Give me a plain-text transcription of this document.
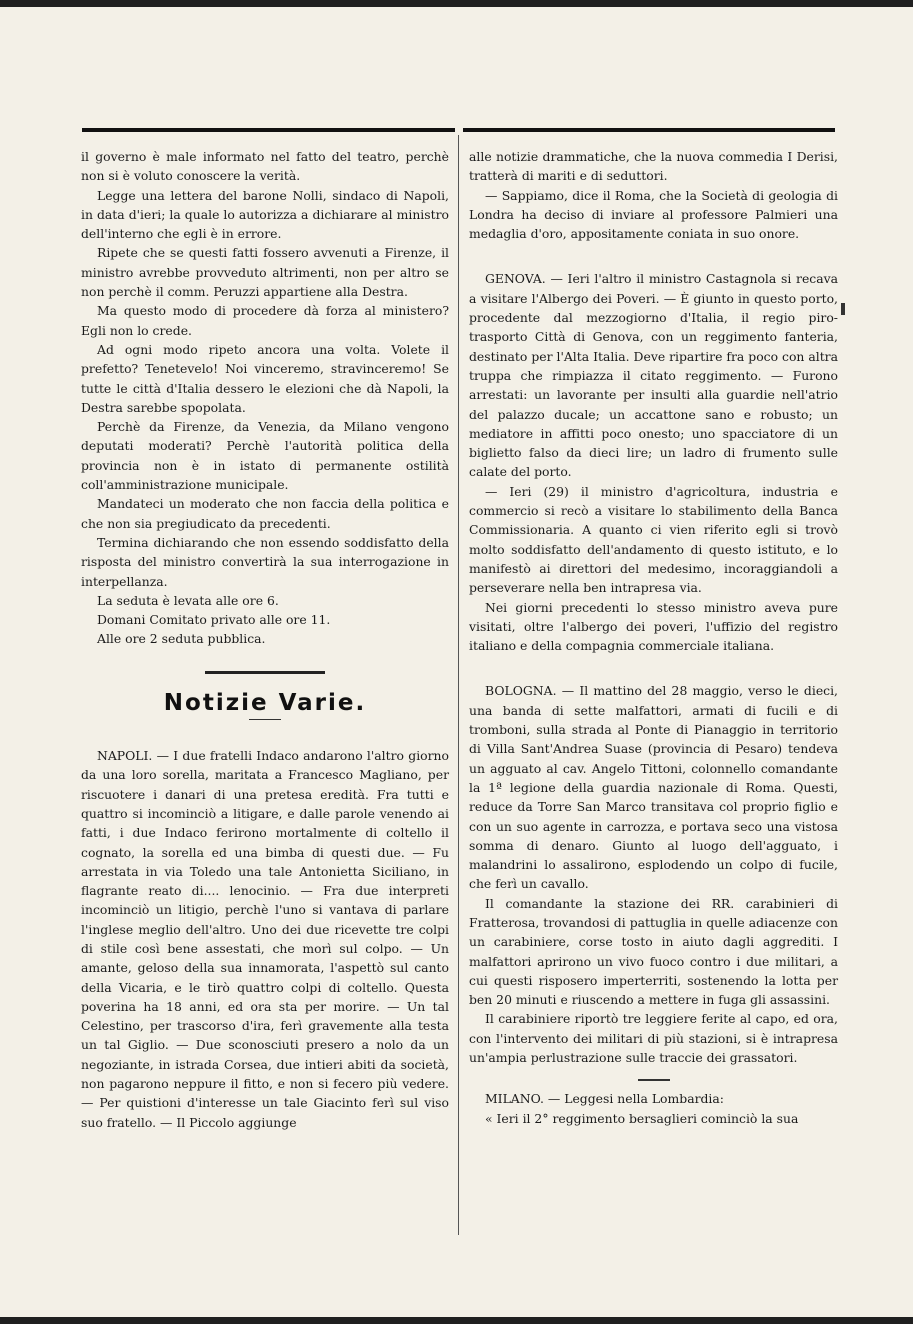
il governo è male informato nel fatto del teatro, perchè non si è voluto conoscere la verità.

Legge una lettera del barone Nolli, sindaco di Napoli, in data d'ieri; la quale lo autorizza a dichiarare al ministro dell'interno che egli è in errore.

Ripete che se questi fatti fossero avvenuti a Firenze, il ministro avrebbe provveduto altrimenti, non per altro se non perchè il comm. Peruzzi appartiene alla Destra.

Ma questo modo di procedere dà forza al ministero? Egli non lo crede.

Ad ogni modo ripeto ancora una volta. Volete il prefetto? Tenetevelo! Noi vinceremo, stravinceremo! Se tutte le città d'Italia dessero le elezioni che dà Napoli, la Destra sarebbe spopolata.

Perchè da Firenze, da Venezia, da Milano vengono deputati moderati? Perchè l'autorità politica della provincia non è in istato di permanente ostilità coll'amministrazione municipale.

Mandateci un moderato che non faccia della politica e che non sia pregiudicato da precedenti.

Termina dichiarando che non essendo soddisfatto della risposta del ministro convertirà la sua interrogazione in interpellanza.

La seduta è levata alle ore 6.

Domani Comitato privato alle ore 11.

Alle ore 2 seduta pubblica.

Notizie Varie.

NAPOLI. — I due fratelli Indaco andarono l'altro giorno da una loro sorella, maritata a Francesco Magliano, per riscuotere i danari di una pretesa eredità. Fra tutti e quattro si incominciò a litigare, e dalle parole venendo ai fatti, i due Indaco ferirono mortalmente di coltello il cognato, la sorella ed una bimba di questi due. — Fu arrestata in via Toledo una tale Antonietta Siciliano, in flagrante reato di.... lenocinio. — Fra due interpreti incominciò un litigio, perchè l'uno si vantava di parlare l'inglese meglio dell'altro. Uno dei due ricevette tre colpi di stile così bene assestati, che morì sul colpo. — Un amante, geloso della sua innamorata, l'aspettò sul canto della Vicaria, e le tirò quattro colpi di coltello. Questa poverina ha 18 anni, ed ora sta per morire. — Un tal Celestino, per trascorso d'ira, ferì gravemente alla testa un tal Giglio. — Due sconosciuti presero a nolo da un negoziante, in istrada Corsea, due intieri abiti da società, non pagarono neppure il fitto, e non si fecero più vedere. — Per quistioni d'interesse un tale Giacinto ferì sul viso suo fratello. — Il Piccolo aggiunge

alle notizie drammatiche, che la nuova commedia I Derisi, tratterà di mariti e di seduttori.

— Sappiamo, dice il Roma, che la Società di geologia di Londra ha deciso di inviare al professore Palmieri una medaglia d'oro, appositamente coniata in suo onore.

GENOVA. — Ieri l'altro il ministro Castagnola si recava a visitare l'Albergo dei Poveri. — È giunto in questo porto, procedente dal mezzogiorno d'Italia, il regio piro-trasporto Città di Genova, con un reggimento fanteria, destinato per l'Alta Italia. Deve ripartire fra poco con altra truppa che rimpiazza il citato reggimento. — Furono arrestati: un lavorante per insulti alla guardie nell'atrio del palazzo ducale; un accattone sano e robusto; un mediatore in affitti poco onesto; uno spacciatore di un biglietto falso da dieci lire; un ladro di frumento sulle calate del porto.

— Ieri (29) il ministro d'agricoltura, industria e commercio si recò a visitare lo stabilimento della Banca Commissionaria. A quanto ci vien riferito egli si trovò molto soddisfatto dell'andamento di questo istituto, e lo manifestò ai direttori del medesimo, incoraggiandoli a perseverare nella ben intrapresa via.

Nei giorni precedenti lo stesso ministro aveva pure visitati, oltre l'albergo dei poveri, l'uffizio del registro italiano e della compagnia commerciale italiana.

BOLOGNA. — Il mattino del 28 maggio, verso le dieci, una banda di sette malfattori, armati di fucili e di tromboni, sulla strada al Ponte di Pianaggio in territorio di Villa Sant'Andrea Suase (provincia di Pesaro) tendeva un agguato al cav. Angelo Tittoni, colonnello comandante la 1ª legione della guardia nazionale di Roma. Questi, reduce da Torre San Marco transitava col proprio figlio e con un suo agente in carrozza, e portava seco una vistosa somma di denaro. Giunto al luogo dell'agguato, i malandrini lo assalirono, esplodendo un colpo di fucile, che ferì un cavallo.

Il comandante la stazione dei RR. carabinieri di Fratterosa, trovandosi di pattuglia in quelle adiacenze con un carabiniere, corse tosto in aiuto dagli aggrediti. I malfattori aprirono un vivo fuoco contro i due militari, a cui questi risposero imperterriti, sostenendo la lotta per ben 20 minuti e riuscendo a mettere in fuga gli assassini.

Il carabiniere riportò tre leggiere ferite al capo, ed ora, con l'intervento dei militari di più stazioni, si è intrapresa un'ampia perlustrazione sulle traccie dei grassatori.

MILANO. — Leggesi nella Lombardia:

« Ieri il 2° reggimento bersaglieri cominciò la sua
